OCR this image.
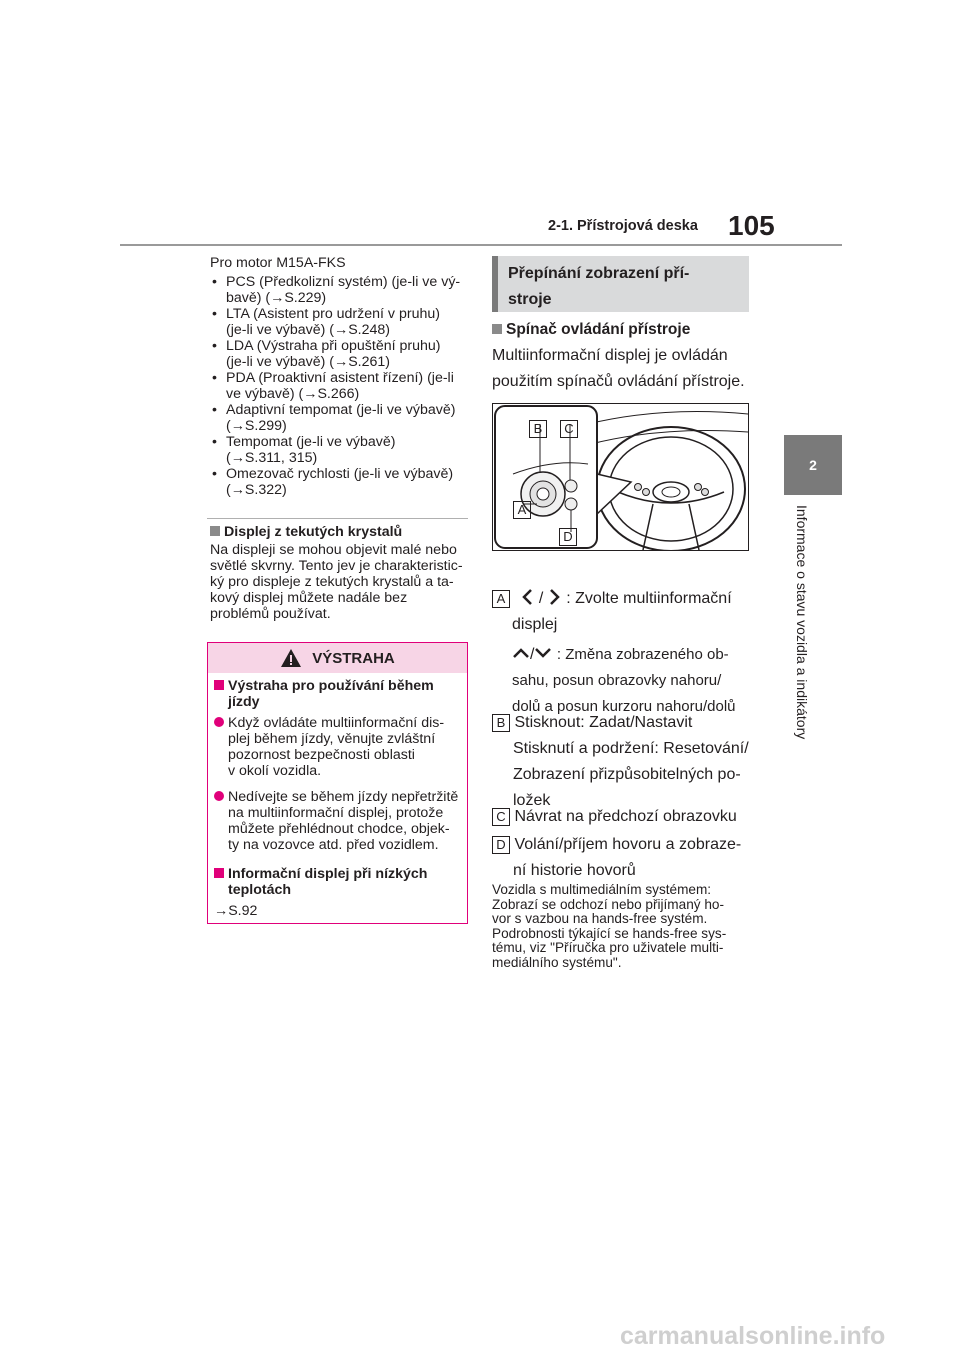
2-1. Přístrojová deska 105
2
Informace o stavu vozidla a indikátory
Pro motor M15A-FKS
• PCS (Předkolizní systém) (je-li ve vý-
bavě) (→S.229)
• LTA (Asistent pro udržení v pruhu)
(je-li ve výbavě) (→S.248)
• LDA (Výstraha při opuštění pruhu)
(je-li ve výbavě) (→S.261)
• PDA (Proaktivní asistent řízení) (je-li
ve výbavě) (→S.266)
• Adaptivní tempomat (je-li ve výbavě)
(→S.299)
• Tempomat (je-li ve výbavě)
(→S.311, 315)
• Omezovač rychlosti (je-li ve výbavě)
(→S.322)
Displej z tekutých krystalů
Na displeji se mohou objevit malé nebo
světlé skvrny. Tento jev je charakteristic-
ký pro displeje z tekutých krystalů a ta-
kový displej můžete nadále bez
problémů používat.
VÝSTRAHA
Výstraha pro používání během
jízdy
Když ovládáte multiinformační dis-
plej během jízdy, věnujte zvláštní
pozornost bezpečnosti oblasti
v okolí vozidla.
Nedívejte se během jízdy nepřetržitě
na multiinformační displej, protože
můžete přehlédnout chodce, objek-
ty na vozovce atd. před vozidlem.
Informační displej při nízkých
teplotách
→S.92
Přepínání zobrazení pří-
stroje
Spínač ovládání přístroje
Multiinformační displej je ovládán
použitím spínačů ovládání přístroje.
B	C
A
D
A  /  : Zvolte multiinformační
displej
/ : Změna zobrazeného ob-
sahu, posun obrazovky nahoru/
dolů a posun kurzoru nahoru/dolů
B Stisknout: Zadat/Nastavit
Stisknutí a podržení: Resetování/
Zobrazení přizpůsobitelných po-
ložek
C Návrat na předchozí obrazovku
D Volání/příjem hovoru a zobraze-
ní historie hovorů
Vozidla s multimediálním systémem:
Zobrazí se odchozí nebo přijímaný ho-
vor s vazbou na hands-free systém.
Podrobnosti týkající se hands-free sys-
tému, viz "Příručka pro uživatele multi-
mediálního systému".
carmanualsonline.info
